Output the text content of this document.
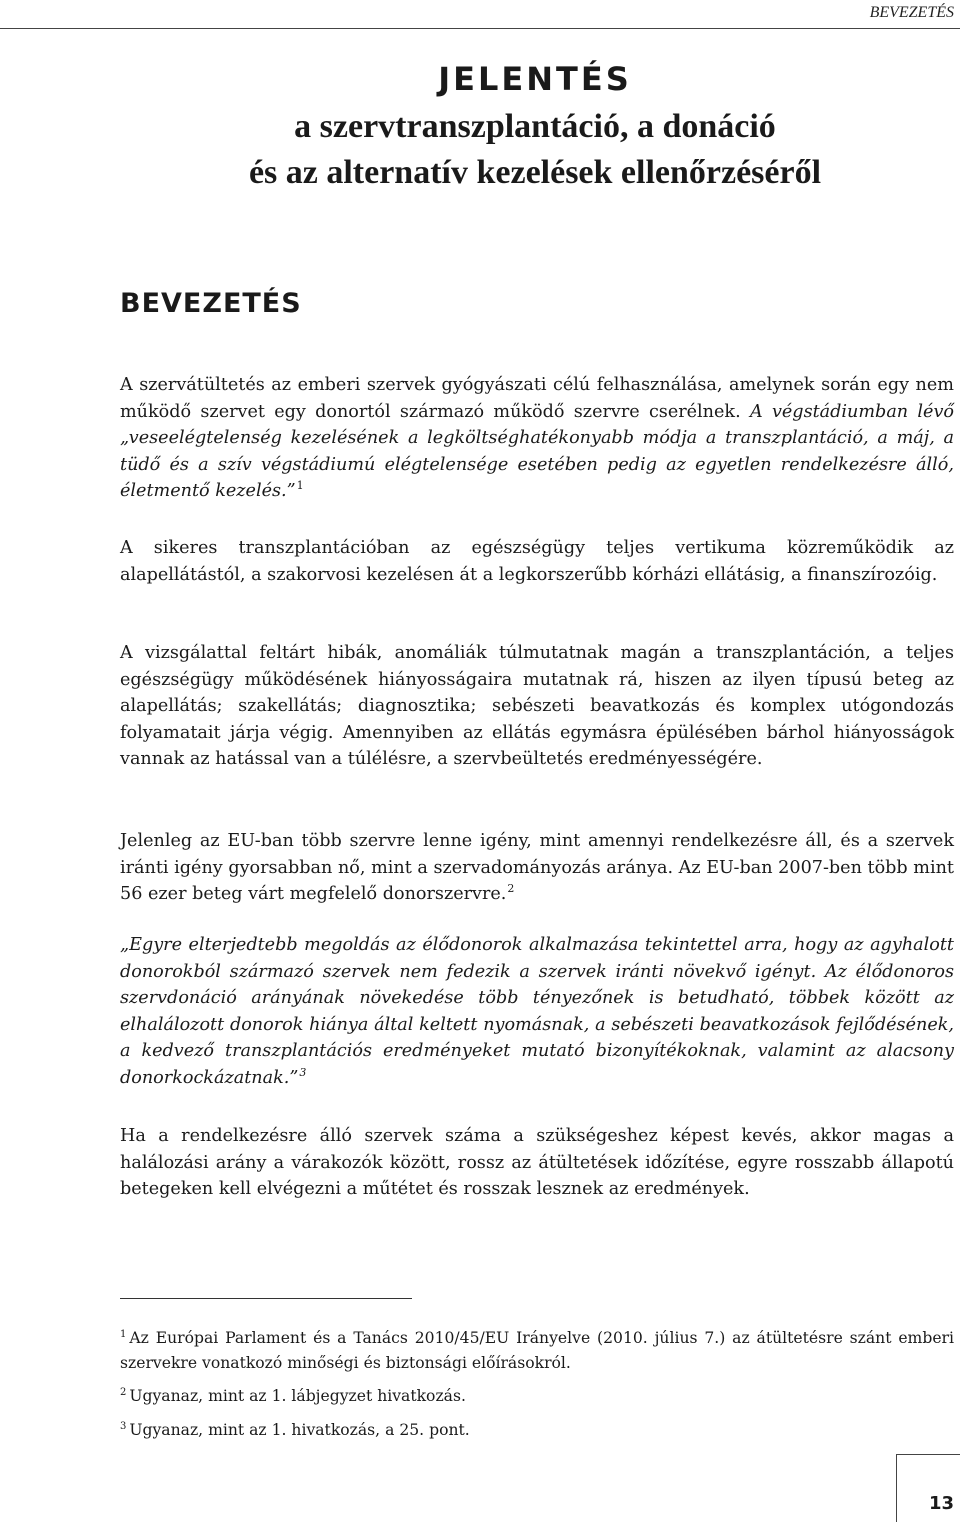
BEVEZETÉS
JELENTÉS
a szervtranszplantáció, a donáció
és az alternatív kezelések ellenőrzéséről
BEVEZETÉS
A szervátültetés az emberi szervek gyógyászati célú felhasználása, amelynek során egy nem működő szervet egy donortól származó működő szervre cserélnek. A végstádiumban lévő „veseelégtelenség kezelésének a legköltséghatékonyabb módja a transzplantáció, a máj, a tüdő és a szív végstádiumú elégtelensége esetében pedig az egyetlen rendelkezésre álló, életmentő kezelés.”$^1$
A sikeres transzplantációban az egészségügy teljes vertikuma közreműködik az alapellátástól, a szakorvosi kezelésen át a legkorszerűbb kórházi ellátásig, a finanszírozóig.
A vizsgálattal feltárt hibák, anomáliák túlmutatnak magán a transzplantáción, a teljes egészségügy működésének hiányosságaira mutatnak rá, hiszen az ilyen típusú beteg az alapellátás; szakellátás; diagnosztika; sebészeti beavatkozás és komplex utógondozás folyamatait járja végig. Amennyiben az ellátás egymásra épülésében bárhol hiányosságok vannak az hatással van a túlélésre, a szervbeültetés eredményességére.
Jelenleg az EU-ban több szervre lenne igény, mint amennyi rendelkezésre áll, és a szervek iránti igény gyorsabban nő, mint a szervadományozás aránya. Az EU-ban 2007-ben több mint 56 ezer beteg várt megfelelő donorszervre.$^2$
„Egyre elterjedtebb megoldás az élődonorok alkalmazása tekintettel arra, hogy az agyhalott donorokból származó szervek nem fedezik a szervek iránti növekvő igényt. Az élődonoros szervdonáció arányának növekedése több tényezőnek is betudható, többek között az elhalálozott donorok hiánya által keltett nyomásnak, a sebészeti beavatkozások fejlődésének, a kedvező transzplantációs eredményeket mutató bizonyítékoknak, valamint az alacsony donorkockázatnak.”$^3$
Ha a rendelkezésre álló szervek száma a szükségeshez képest kevés, akkor magas a halálozási arány a várakozók között, rossz az átültetések időzítése, egyre rosszabb állapotú betegeken kell elvégezni a műtétet és rosszak lesznek az eredmények.
$^1$ Az Európai Parlament és a Tanács 2010/45/EU Irányelve (2010. július 7.) az átültetésre szánt emberi szervekre vonatkozó minőségi és biztonsági előírásokról.
$^2$ Ugyanaz, mint az 1. lábjegyzet hivatkozás.
$^3$ Ugyanaz, mint az 1. hivatkozás, a 25. pont.
13
